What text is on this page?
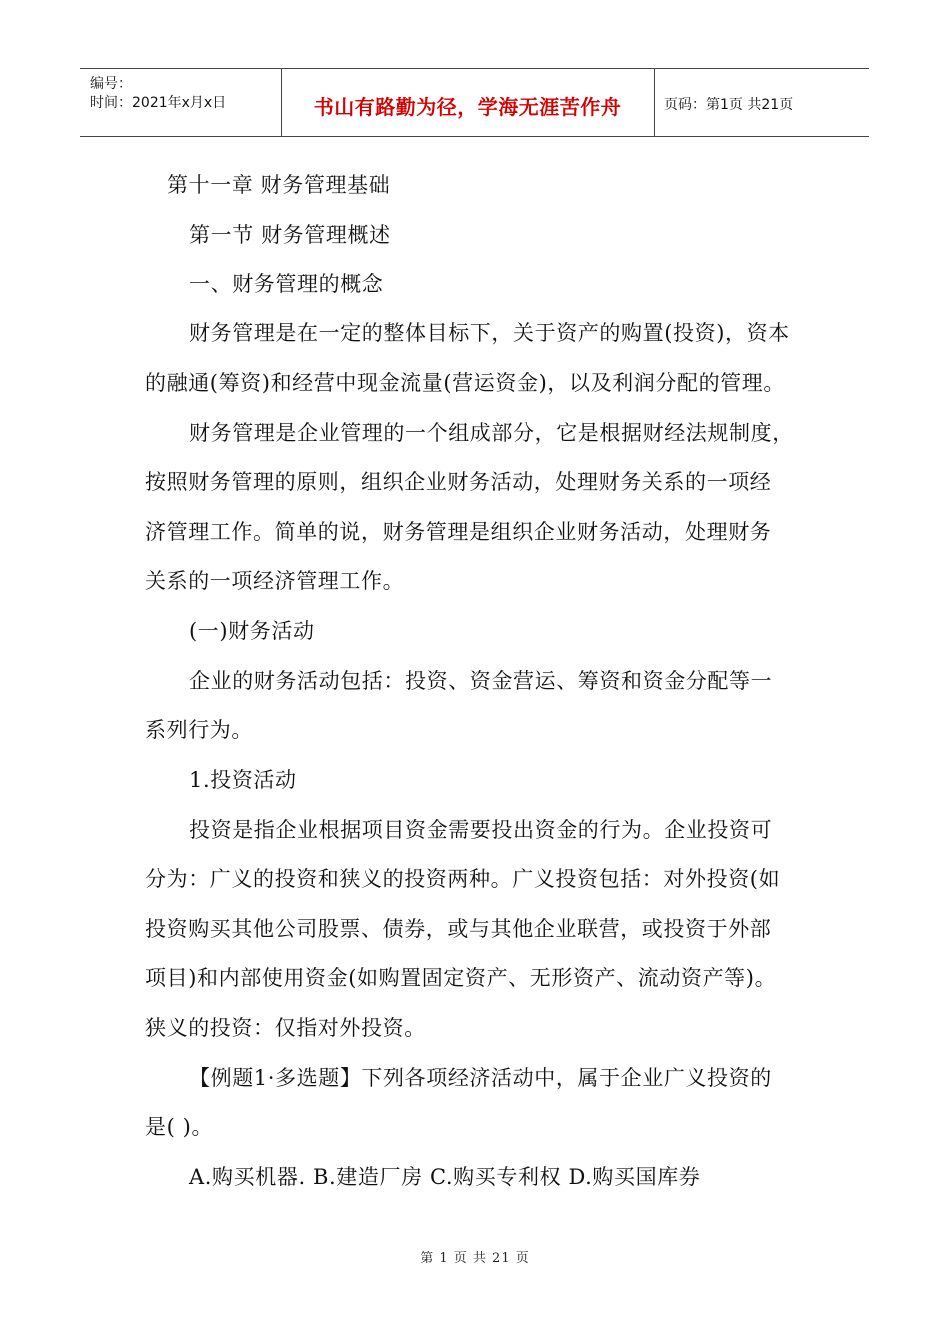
编号：
时间：2021年x月x日	书山有路勤为径，学海无涯苦作舟	页码：第1页 共21页
第十一章 财务管理基础
第一节 财务管理概述
一、财务管理的概念
财务管理是在一定的整体目标下，关于资产的购置(投资)，资本
的融通(筹资)和经营中现金流量(营运资金)，以及利润分配的管理。
财务管理是企业管理的一个组成部分，它是根据财经法规制度，
按照财务管理的原则，组织企业财务活动，处理财务关系的一项经
济管理工作。简单的说，财务管理是组织企业财务活动，处理财务
关系的一项经济管理工作。
(一)财务活动
企业的财务活动包括：投资、资金营运、筹资和资金分配等一
系列行为。
1.投资活动
投资是指企业根据项目资金需要投出资金的行为。企业投资可
分为：广义的投资和狭义的投资两种。广义投资包括：对外投资(如
投资购买其他公司股票、债券，或与其他企业联营，或投资于外部
项目)和内部使用资金(如购置固定资产、无形资产、流动资产等)。
狭义的投资：仅指对外投资。
【例题1·多选题】下列各项经济活动中，属于企业广义投资的
是( )。
A.购买机器. B.建造厂房 C.购买专利权 D.购买国库券
第 1 页 共 21 页
